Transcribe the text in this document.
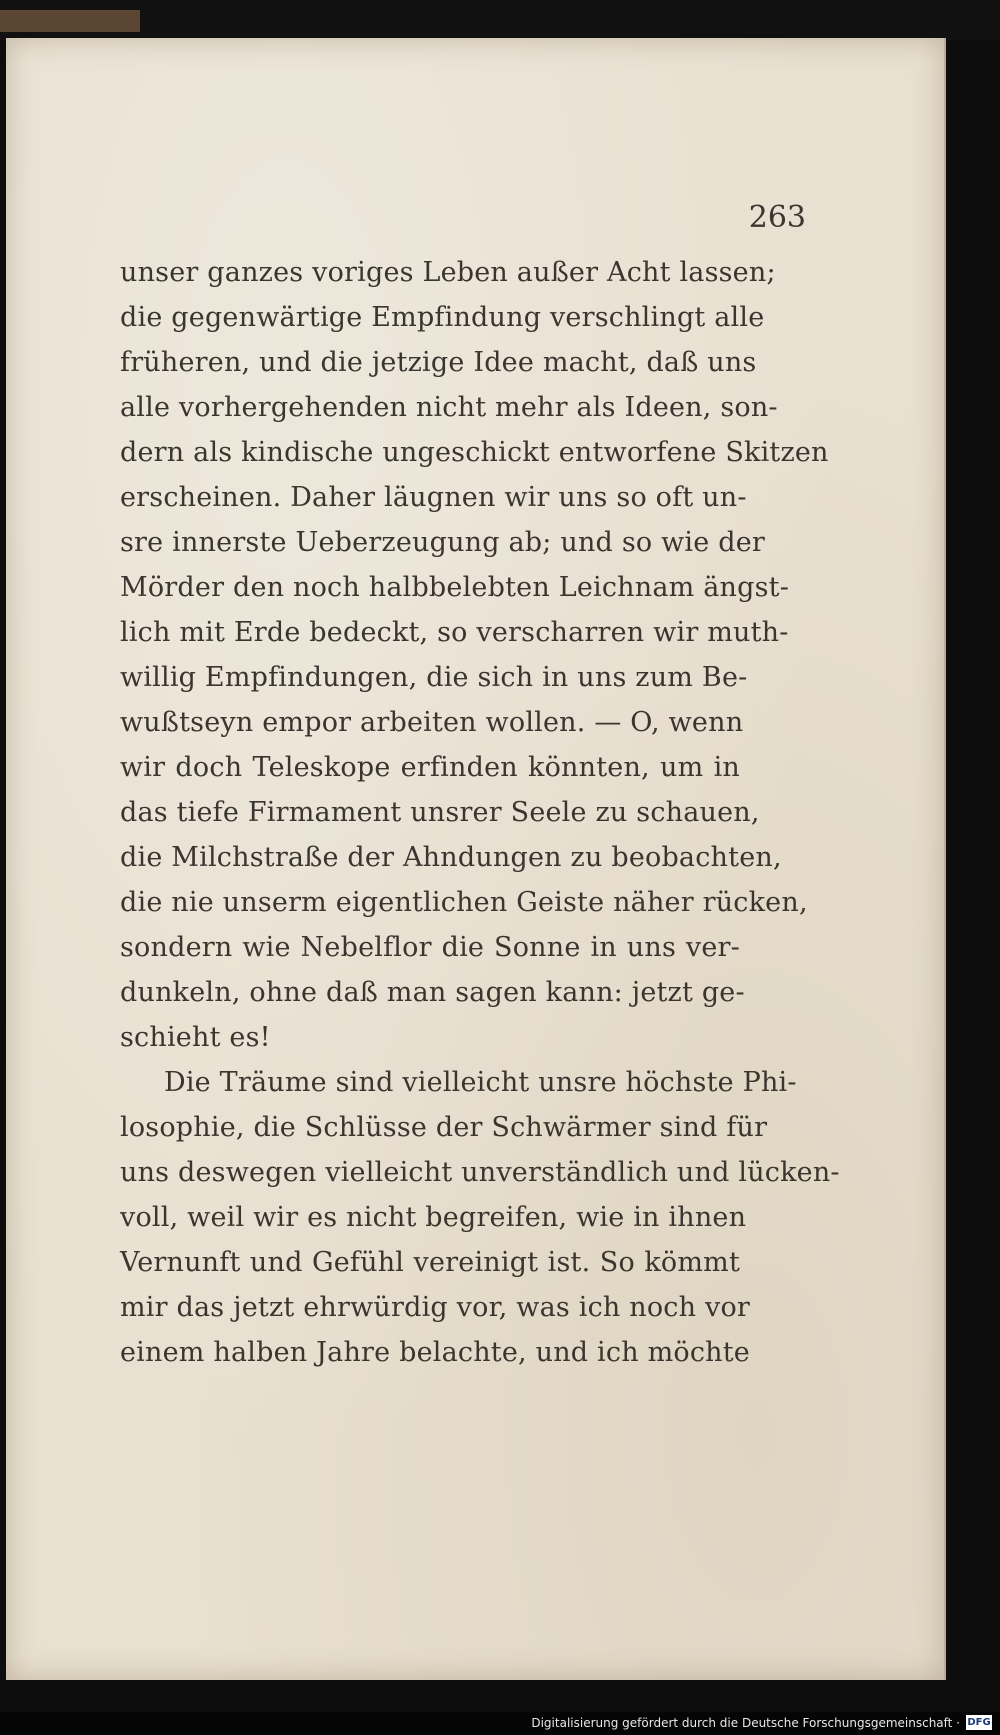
263
unser ganzes voriges Leben außer Acht lassen;
die gegenwärtige Empfindung verschlingt alle
früheren, und die jetzige Idee macht, daß uns
alle vorhergehenden nicht mehr als Ideen, son-
dern als kindische ungeschickt entworfene Skitzen
erscheinen. Daher läugnen wir uns so oft un-
sre innerste Ueberzeugung ab; und so wie der
Mörder den noch halbbelebten Leichnam ängst-
lich mit Erde bedeckt, so verscharren wir muth-
willig Empfindungen, die sich in uns zum Be-
wußtseyn empor arbeiten wollen. — O, wenn
wir doch Teleskope erfinden könnten, um in
das tiefe Firmament unsrer Seele zu schauen,
die Milchstraße der Ahndungen zu beobachten,
die nie unserm eigentlichen Geiste näher rücken,
sondern wie Nebelflor die Sonne in uns ver-
dunkeln, ohne daß man sagen kann: jetzt ge-
schieht es!
Die Träume sind vielleicht unsre höchste Phi-
losophie, die Schlüsse der Schwärmer sind für
uns deswegen vielleicht unverständlich und lücken-
voll, weil wir es nicht begreifen, wie in ihnen
Vernunft und Gefühl vereinigt ist. So kömmt
mir das jetzt ehrwürdig vor, was ich noch vor
einem halben Jahre belachte, und ich möchte
Digitalisierung gefördert durch die Deutsche Forschungsgemeinschaft · DFG
